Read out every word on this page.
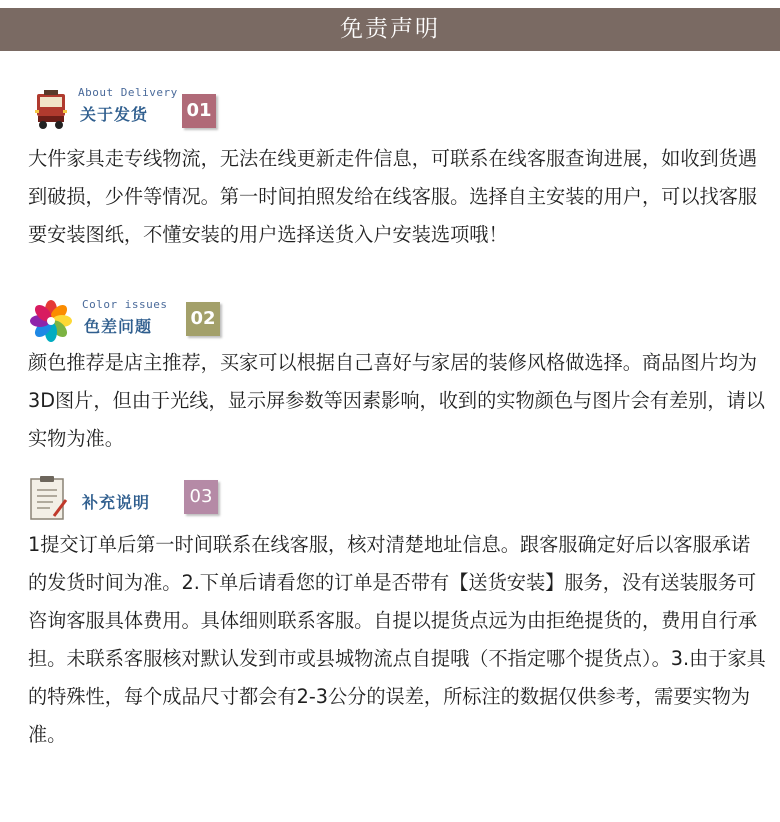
免责声明
About Delivery
关于发货 01

大件家具走专线物流，无法在线更新走件信息，可联系在线客服查询进展，如收到货遇到破损，少件等情况。第一时间拍照发给在线客服。选择自主安装的用户，可以找客服要安装图纸，不懂安装的用户选择送货入户安装选项哦！

Color issues
色差问题 02

颜色推荐是店主推荐，买家可以根据自己喜好与家居的装修风格做选择。商品图片均为3D图片，但由于光线，显示屏参数等因素影响，收到的实物颜色与图片会有差别，请以实物为准。

补充说明	03

1提交订单后第一时间联系在线客服，核对清楚地址信息。跟客服确定好后以客服承诺的发货时间为准。2.下单后请看您的订单是否带有【送货安装】服务，没有送装服务可咨询客服具体费用。具体细则联系客服。自提以提货点远为由拒绝提货的，费用自行承担。未联系客服核对默认发到市或县城物流点自提哦（不指定哪个提货点）。3.由于家具的特殊性，每个成品尺寸都会有2-3公分的误差，所标注的数据仅供参考，需要实物为准。
